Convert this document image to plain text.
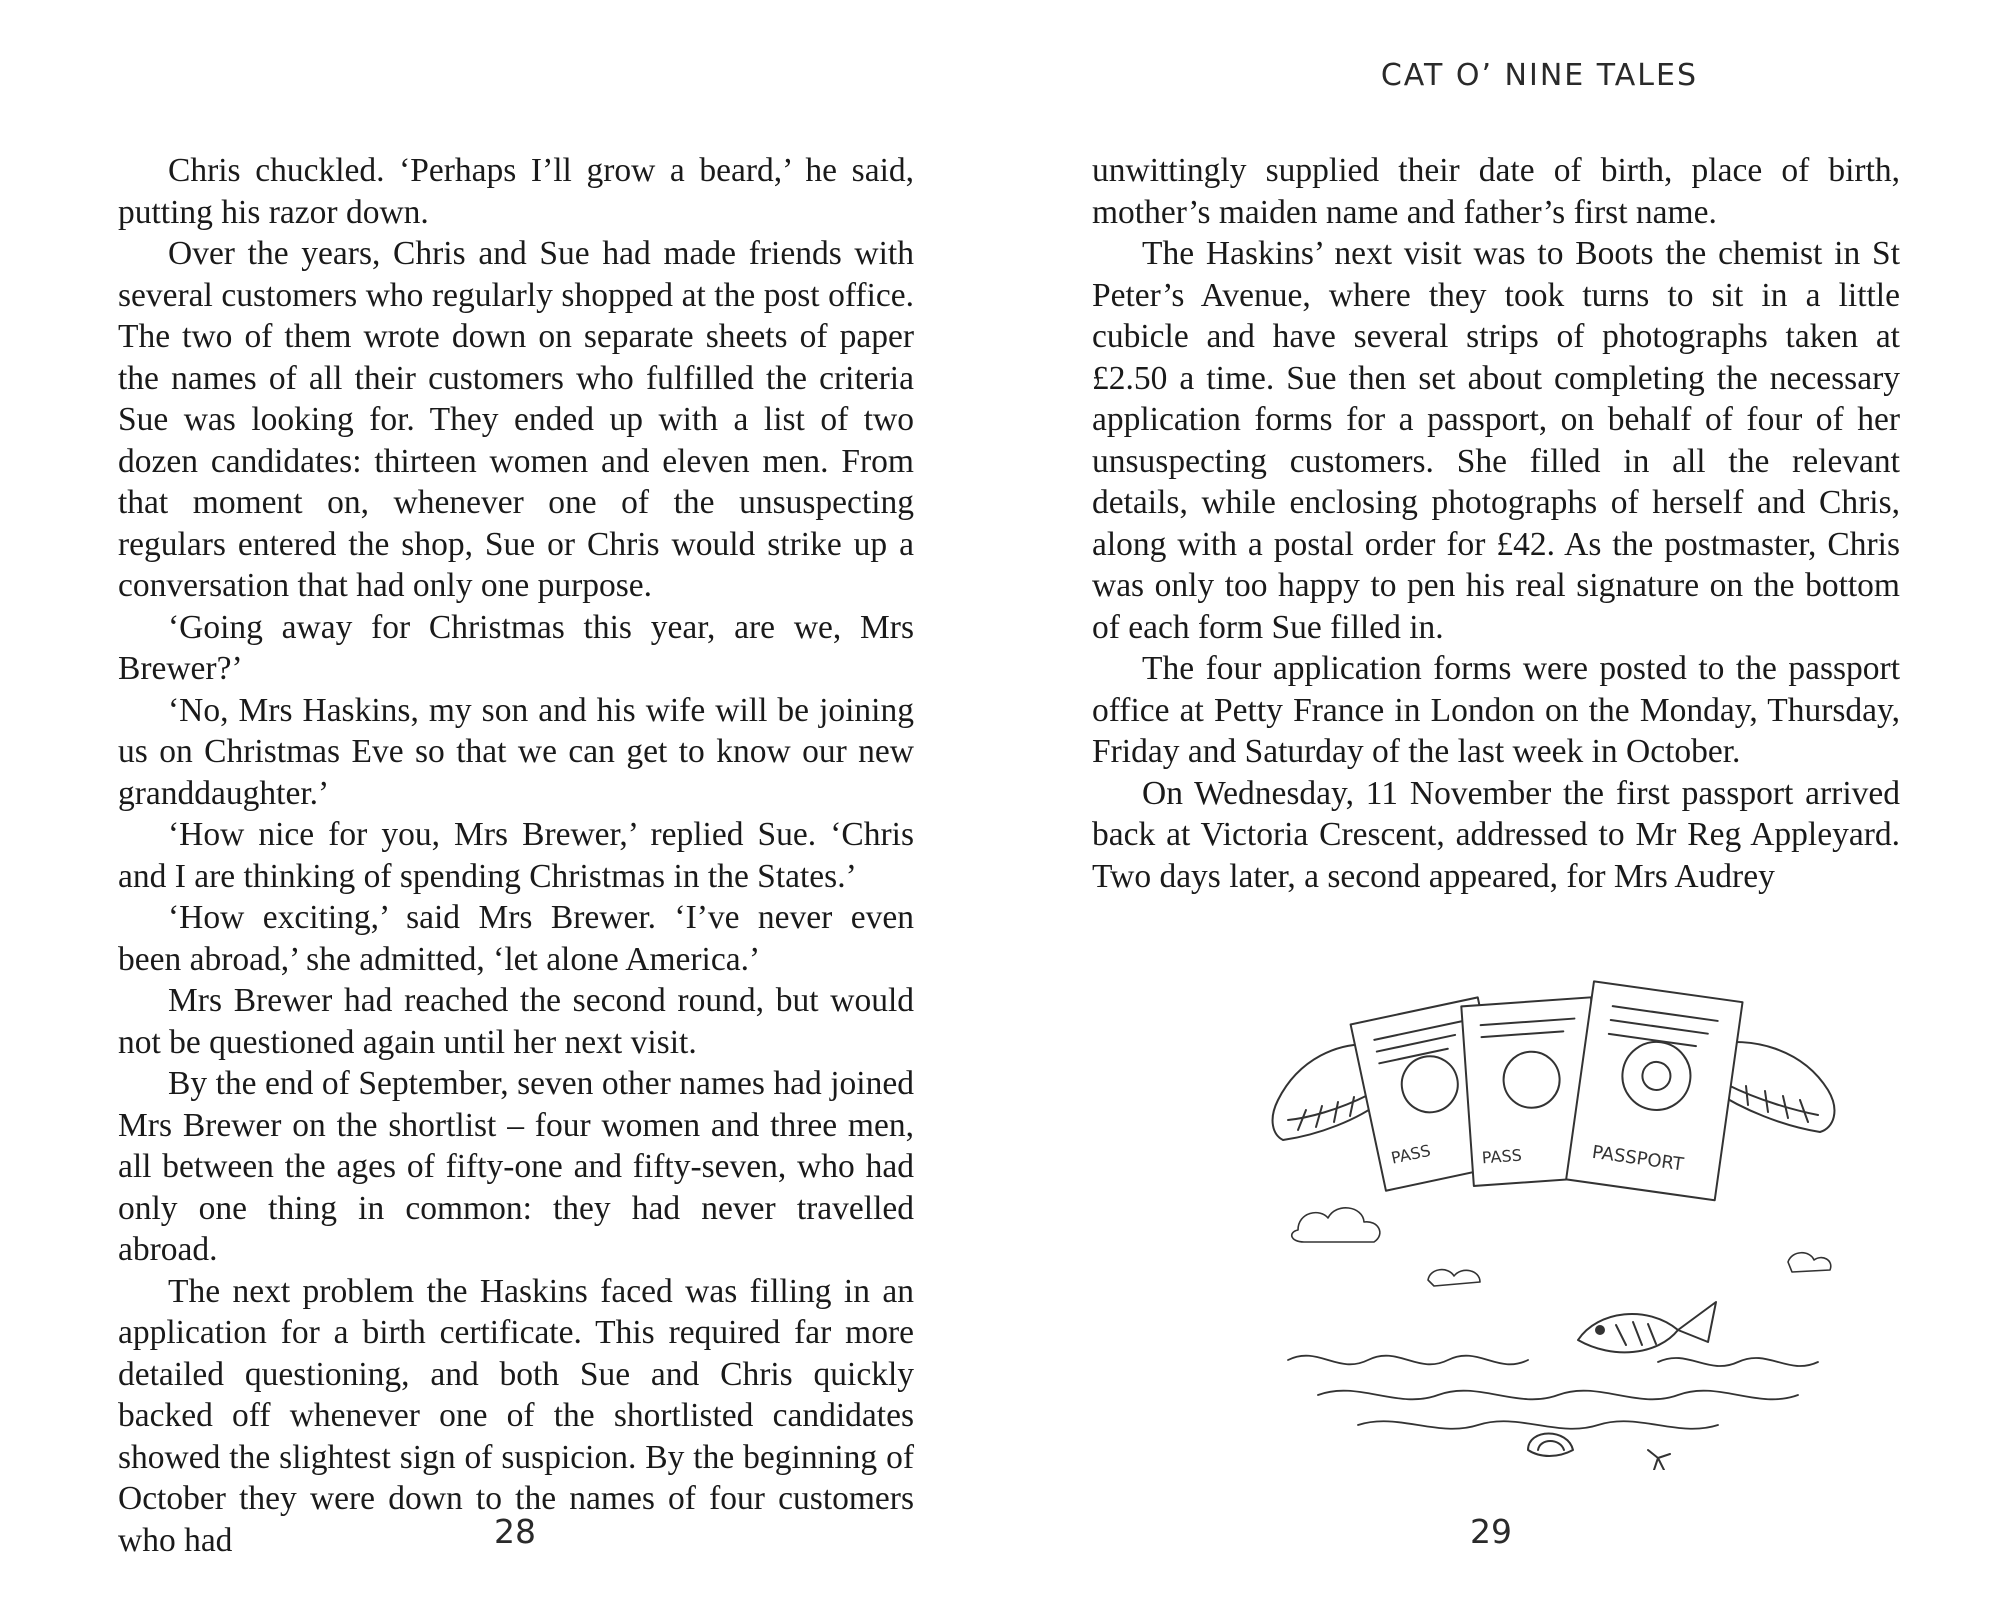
Chris chuckled. ‘Perhaps I’ll grow a beard,’ he said, putting his razor down.

Over the years, Chris and Sue had made friends with several customers who regularly shopped at the post office. The two of them wrote down on separate sheets of paper the names of all their customers who fulfilled the criteria Sue was looking for. They ended up with a list of two dozen candidates: thirteen women and eleven men. From that moment on, whenever one of the unsuspecting regulars entered the shop, Sue or Chris would strike up a conversation that had only one purpose.

‘Going away for Christmas this year, are we, Mrs Brewer?’

‘No, Mrs Haskins, my son and his wife will be joining us on Christmas Eve so that we can get to know our new granddaughter.’

‘How nice for you, Mrs Brewer,’ replied Sue. ‘Chris and I are thinking of spending Christmas in the States.’

‘How exciting,’ said Mrs Brewer. ‘I’ve never even been abroad,’ she admitted, ‘let alone America.’

Mrs Brewer had reached the second round, but would not be questioned again until her next visit.

By the end of September, seven other names had joined Mrs Brewer on the shortlist – four women and three men, all between the ages of fifty-one and fifty-seven, who had only one thing in common: they had never travelled abroad.

The next problem the Haskins faced was filling in an application for a birth certificate. This required far more detailed questioning, and both Sue and Chris quickly backed off whenever one of the shortlisted candidates showed the slightest sign of suspicion. By the beginning of October they were down to the names of four customers who had	28
CAT O’ NINE TALES

unwittingly supplied their date of birth, place of birth, mother’s maiden name and father’s first name.

The Haskins’ next visit was to Boots the chemist in St Peter’s Avenue, where they took turns to sit in a little cubicle and have several strips of photographs taken at £2.50 a time. Sue then set about completing the necessary application forms for a passport, on behalf of four of her unsuspecting customers. She filled in all the relevant details, while enclosing photographs of herself and Chris, along with a postal order for £42. As the postmaster, Chris was only too happy to pen his real signature on the bottom of each form Sue filled in.

The four application forms were posted to the passport office at Petty France in London on the Monday, Thursday, Friday and Saturday of the last week in October.

On Wednesday, 11 November the first passport arrived back at Victoria Crescent, addressed to Mr Reg Appleyard. Two days later, a second appeared, for Mrs Audrey

PASS	PASS	PASSPORT
29
